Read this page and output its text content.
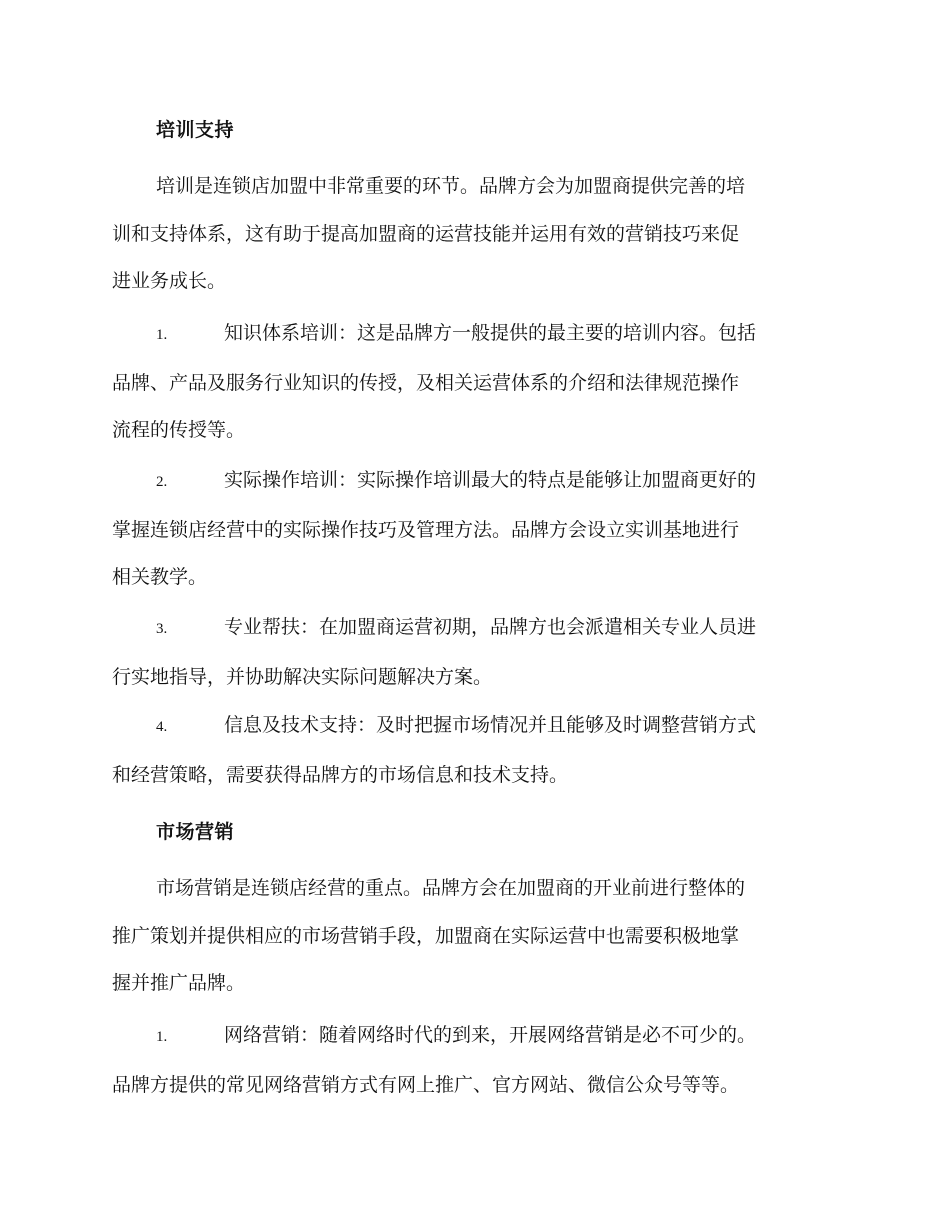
培训支持
培训是连锁店加盟中非常重要的环节。品牌方会为加盟商提供完善的培
训和支持体系，这有助于提高加盟商的运营技能并运用有效的营销技巧来促
进业务成长。
1.	知识体系培训：这是品牌方一般提供的最主要的培训内容。包括
品牌、产品及服务行业知识的传授，及相关运营体系的介绍和法律规范操作
流程的传授等。
2.	实际操作培训：实际操作培训最大的特点是能够让加盟商更好的
掌握连锁店经营中的实际操作技巧及管理方法。品牌方会设立实训基地进行
相关教学。
3.	专业帮扶：在加盟商运营初期，品牌方也会派遣相关专业人员进
行实地指导，并协助解决实际问题解决方案。
4.	信息及技术支持：及时把握市场情况并且能够及时调整营销方式
和经营策略，需要获得品牌方的市场信息和技术支持。
市场营销
市场营销是连锁店经营的重点。品牌方会在加盟商的开业前进行整体的
推广策划并提供相应的市场营销手段，加盟商在实际运营中也需要积极地掌
握并推广品牌。
1.	网络营销：随着网络时代的到来，开展网络营销是必不可少的。
品牌方提供的常见网络营销方式有网上推广、官方网站、微信公众号等等。
